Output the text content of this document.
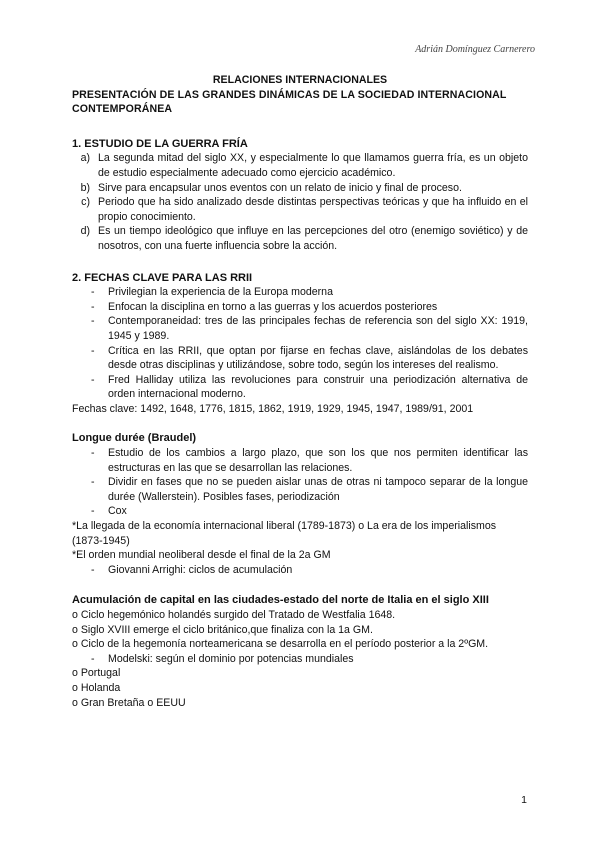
Adrián Domínguez Carnerero
RELACIONES INTERNACIONALES
PRESENTACIÓN DE LAS GRANDES DINÁMICAS DE LA SOCIEDAD INTERNACIONAL CONTEMPORÁNEA
1. ESTUDIO DE LA GUERRA FRÍA
a) La segunda mitad del siglo XX, y especialmente lo que llamamos guerra fría, es un objeto de estudio especialmente adecuado como ejercicio académico.
b) Sirve para encapsular unos eventos con un relato de inicio y final de proceso.
c) Periodo que ha sido analizado desde distintas perspectivas teóricas y que ha influido en el propio conocimiento.
d) Es un tiempo ideológico que influye en las percepciones del otro (enemigo soviético) y de nosotros, con una fuerte influencia sobre la acción.
2. FECHAS CLAVE PARA LAS RRII
- Privilegian la experiencia de la Europa moderna
- Enfocan la disciplina en torno a las guerras y los acuerdos posteriores
- Contemporaneidad: tres de las principales fechas de referencia son del siglo XX: 1919, 1945 y 1989.
- Crítica en las RRII, que optan por fijarse en fechas clave, aislándolas de los debates desde otras disciplinas y utilizándose, sobre todo, según los intereses del realismo.
- Fred Halliday utiliza las revoluciones para construir una periodización alternativa de orden internacional moderno.

Fechas clave: 1492, 1648, 1776, 1815, 1862, 1919, 1929, 1945, 1947, 1989/91, 2001

Longue durée (Braudel)
- Estudio de los cambios a largo plazo, que son los que nos permiten identificar las estructuras en las que se desarrollan las relaciones.
- Dividir en fases que no se pueden aislar unas de otras ni tampoco separar de la longue durée (Wallerstein). Posibles fases, periodización
- Cox

*La llegada de la economía internacional liberal (1789-1873) o La era de los imperialismos (1873-1945)

*El orden mundial neoliberal desde el final de la 2a GM

- Giovanni Arrighi: ciclos de acumulación
Acumulación de capital en las ciudades-estado del norte de Italia en el siglo XIII

o Ciclo hegemónico holandés surgido del Tratado de Westfalia 1648.

o Siglo XVIII emerge el ciclo británico,que finaliza con la 1a GM.

o Ciclo de la hegemonía norteamericana se desarrolla en el período posterior a la 2ºGM.

- Modelski: según el dominio por potencias mundiales

o Portugal

o Holanda

o Gran Bretaña o EEUU

1
